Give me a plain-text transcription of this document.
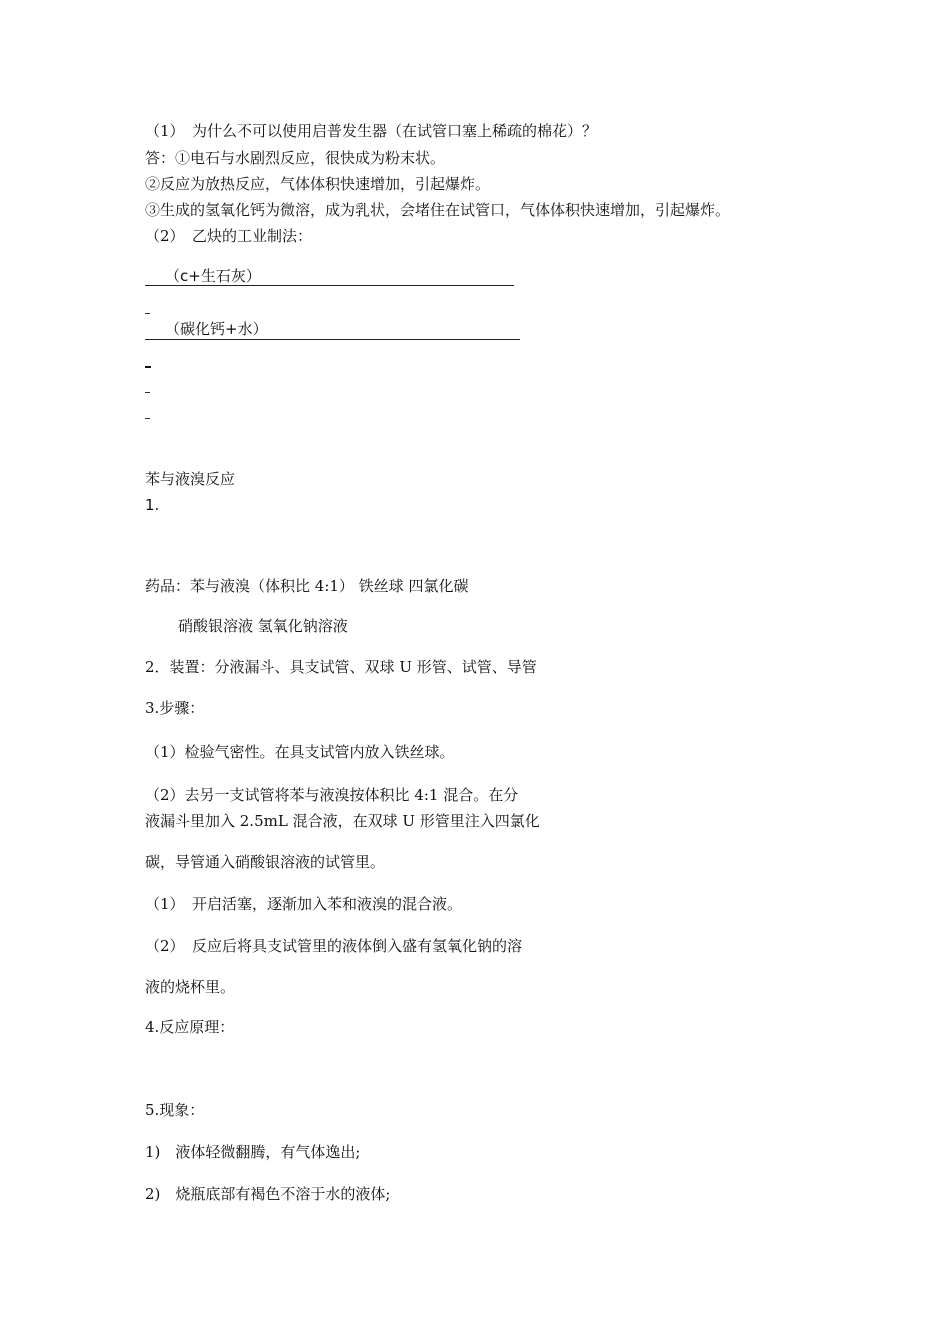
（1）　为什么不可以使用启普发生器（在试管口塞上稀疏的棉花）？
答：①电石与水剧烈反应，很快成为粉末状。
②反应为放热反应，气体体积快速增加，引起爆炸。
③生成的氢氧化钙为微溶，成为乳状，会堵住在试管口，气体体积快速增加，引起爆炸。
（2）　乙炔的工业制法：
（c+生石灰）
（碳化钙+水）
苯与液溴反应
1.
药品：苯与液溴（体积比 4:1） 铁丝球 四氯化碳
硝酸银溶液 氢氧化钠溶液
2．装置：分液漏斗、具支试管、双球 U 形管、试管、导管
3.步骤：
（1）检验气密性。在具支试管内放入铁丝球。
（2）去另一支试管将苯与液溴按体积比 4:1 混合。在分
液漏斗里加入 2.5mL 混合液，在双球 U 形管里注入四氯化
碳，导管通入硝酸银溶液的试管里。
（1）　开启活塞，逐渐加入苯和液溴的混合液。
（2）　反应后将具支试管里的液体倒入盛有氢氧化钠的溶
液的烧杯里。
4.反应原理：
5.现象：
1)　液体轻微翻腾，有气体逸出;
2)　烧瓶底部有褐色不溶于水的液体;
